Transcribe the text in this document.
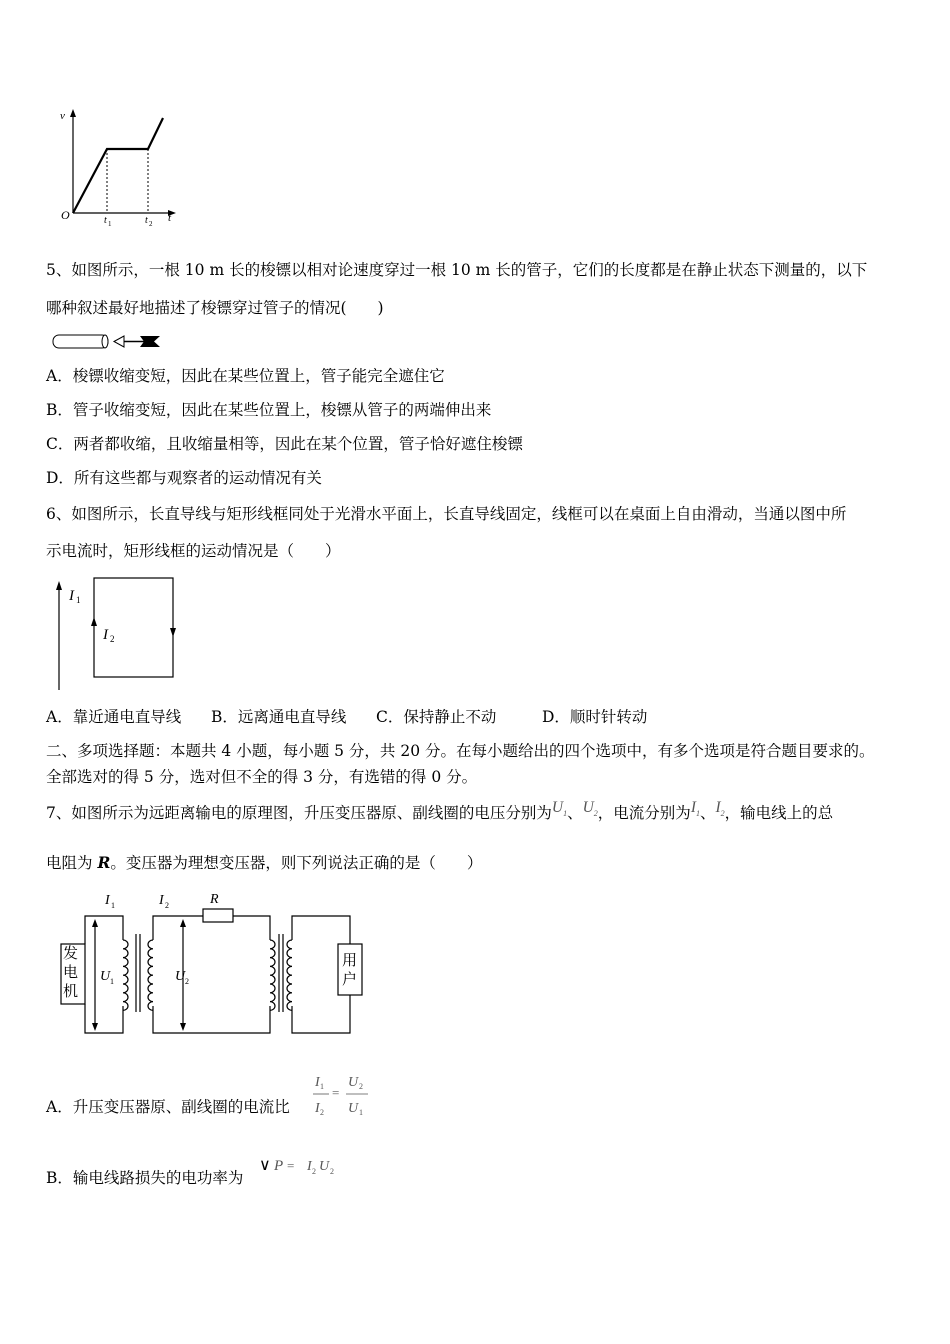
v
O	t
t 1	t 2
5、如图所示，一根 10 m 长的梭镖以相对论速度穿过一根 10 m 长的管子，它们的长度都是在静止状态下测量的，以下
哪种叙述最好地描述了梭镖穿过管子的情况(　　)
A．梭镖收缩变短，因此在某些位置上，管子能完全遮住它
B．管子收缩变短，因此在某些位置上，梭镖从管子的两端伸出来
C．两者都收缩，且收缩量相等，因此在某个位置，管子恰好遮住梭镖
D．所有这些都与观察者的运动情况有关
6、如图所示，长直导线与矩形线框同处于光滑水平面上，长直导线固定，线框可以在桌面上自由滑动，当通以图中所
示电流时，矩形线框的运动情况是（　　）
I 1
I 2
A．靠近通电直导线 B．远离通电直导线 C．保持静止不动	D．顺时针转动
二、多项选择题：本题共 4 小题，每小题 5 分，共 20 分。在每小题给出的四个选项中，有多个选项是符合题目要求的。
全部选对的得 5 分，选对但不全的得 3 分，有选错的得 0 分。
7、如图所示为远距离输电的原理图，升压变压器原、副线圈的电压分别为$U_1$、$U_2$，电流分别为$I_1$、$I_2$，输电线上的总
电阻为 R。变压器为理想变压器，则下列说法正确的是（　　）
发
电
机
用
户
I 1	I 2	R
U 1	U 2
A．升压变压器原、副线圈的电流比
I
I
U
U
1
2
2
1
=
B．输电线路损失的电功率为
∨ P = I 2 U 2
